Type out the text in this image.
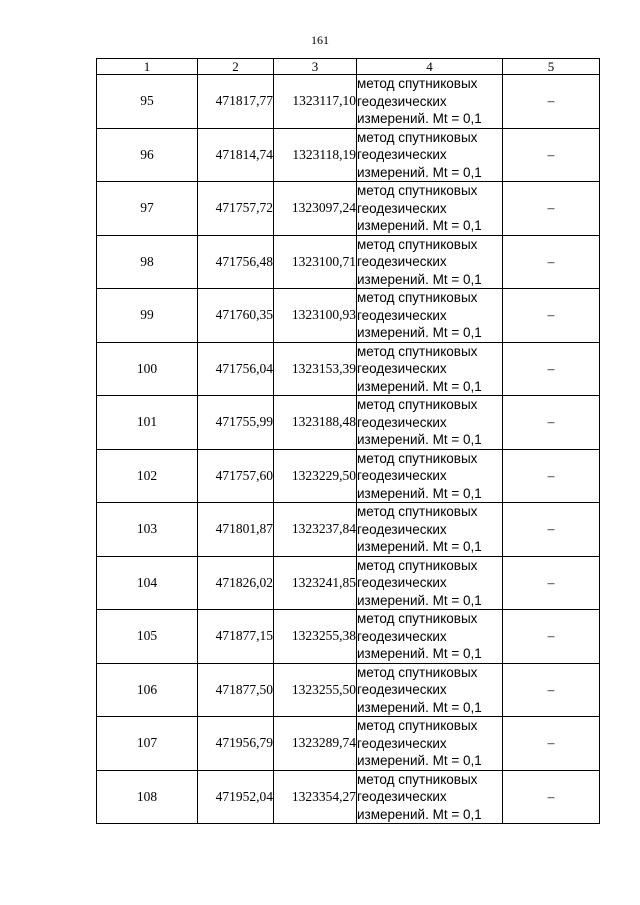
161
1	2	3	4	5
95	471817,77	1323117,10	метод спутниковых
геодезических
измерений. Mt = 0,1	–
96	471814,74	1323118,19	метод спутниковых
геодезических
измерений. Mt = 0,1	–
97	471757,72	1323097,24	метод спутниковых
геодезических
измерений. Mt = 0,1	–
98	471756,48	1323100,71	метод спутниковых
геодезических
измерений. Mt = 0,1	–
99	471760,35	1323100,93	метод спутниковых
геодезических
измерений. Mt = 0,1	–
100	471756,04	1323153,39	метод спутниковых
геодезических
измерений. Mt = 0,1	–
101	471755,99	1323188,48	метод спутниковых
геодезических
измерений. Mt = 0,1	–
102	471757,60	1323229,50	метод спутниковых
геодезических
измерений. Mt = 0,1	–
103	471801,87	1323237,84	метод спутниковых
геодезических
измерений. Mt = 0,1	–
104	471826,02	1323241,85	метод спутниковых
геодезических
измерений. Mt = 0,1	–
105	471877,15	1323255,38	метод спутниковых
геодезических
измерений. Mt = 0,1	–
106	471877,50	1323255,50	метод спутниковых
геодезических
измерений. Mt = 0,1	–
107	471956,79	1323289,74	метод спутниковых
геодезических
измерений. Mt = 0,1	–
108	471952,04	1323354,27	метод спутниковых
геодезических
измерений. Mt = 0,1	–
